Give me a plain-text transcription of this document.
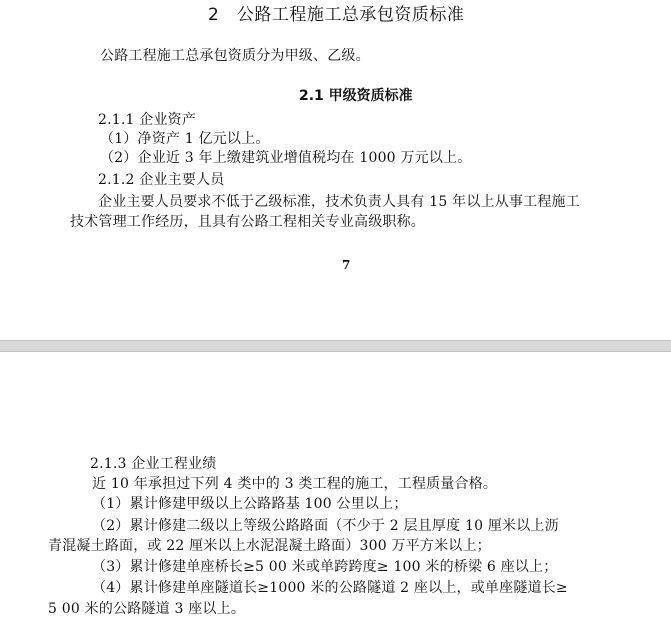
2　公路工程施工总承包资质标准
公路工程施工总承包资质分为甲级、乙级。
2.1 甲级资质标准
2.1.1 企业资产
（1）净资产 1 亿元以上。
（2）企业近 3 年上缴建筑业增值税均在 1000 万元以上。
2.1.2 企业主要人员
企业主要人员要求不低于乙级标准，技术负责人具有 15 年以上从事工程施工
技术管理工作经历，且具有公路工程相关专业高级职称。
7
2.1.3 企业工程业绩
近 10 年承担过下列 4 类中的 3 类工程的施工，工程质量合格。
（1）累计修建甲级以上公路路基 100 公里以上；
（2）累计修建二级以上等级公路路面（不少于 2 层且厚度 10 厘米以上沥
青混凝土路面，或 22 厘米以上水泥混凝土路面）300 万平方米以上；
（3）累计修建单座桥长≥5 00 米或单跨跨度≥ 100 米的桥梁 6 座以上；
（4）累计修建单座隧道长≥1000 米的公路隧道 2 座以上，或单座隧道长≥
5 00 米的公路隧道 3 座以上。
